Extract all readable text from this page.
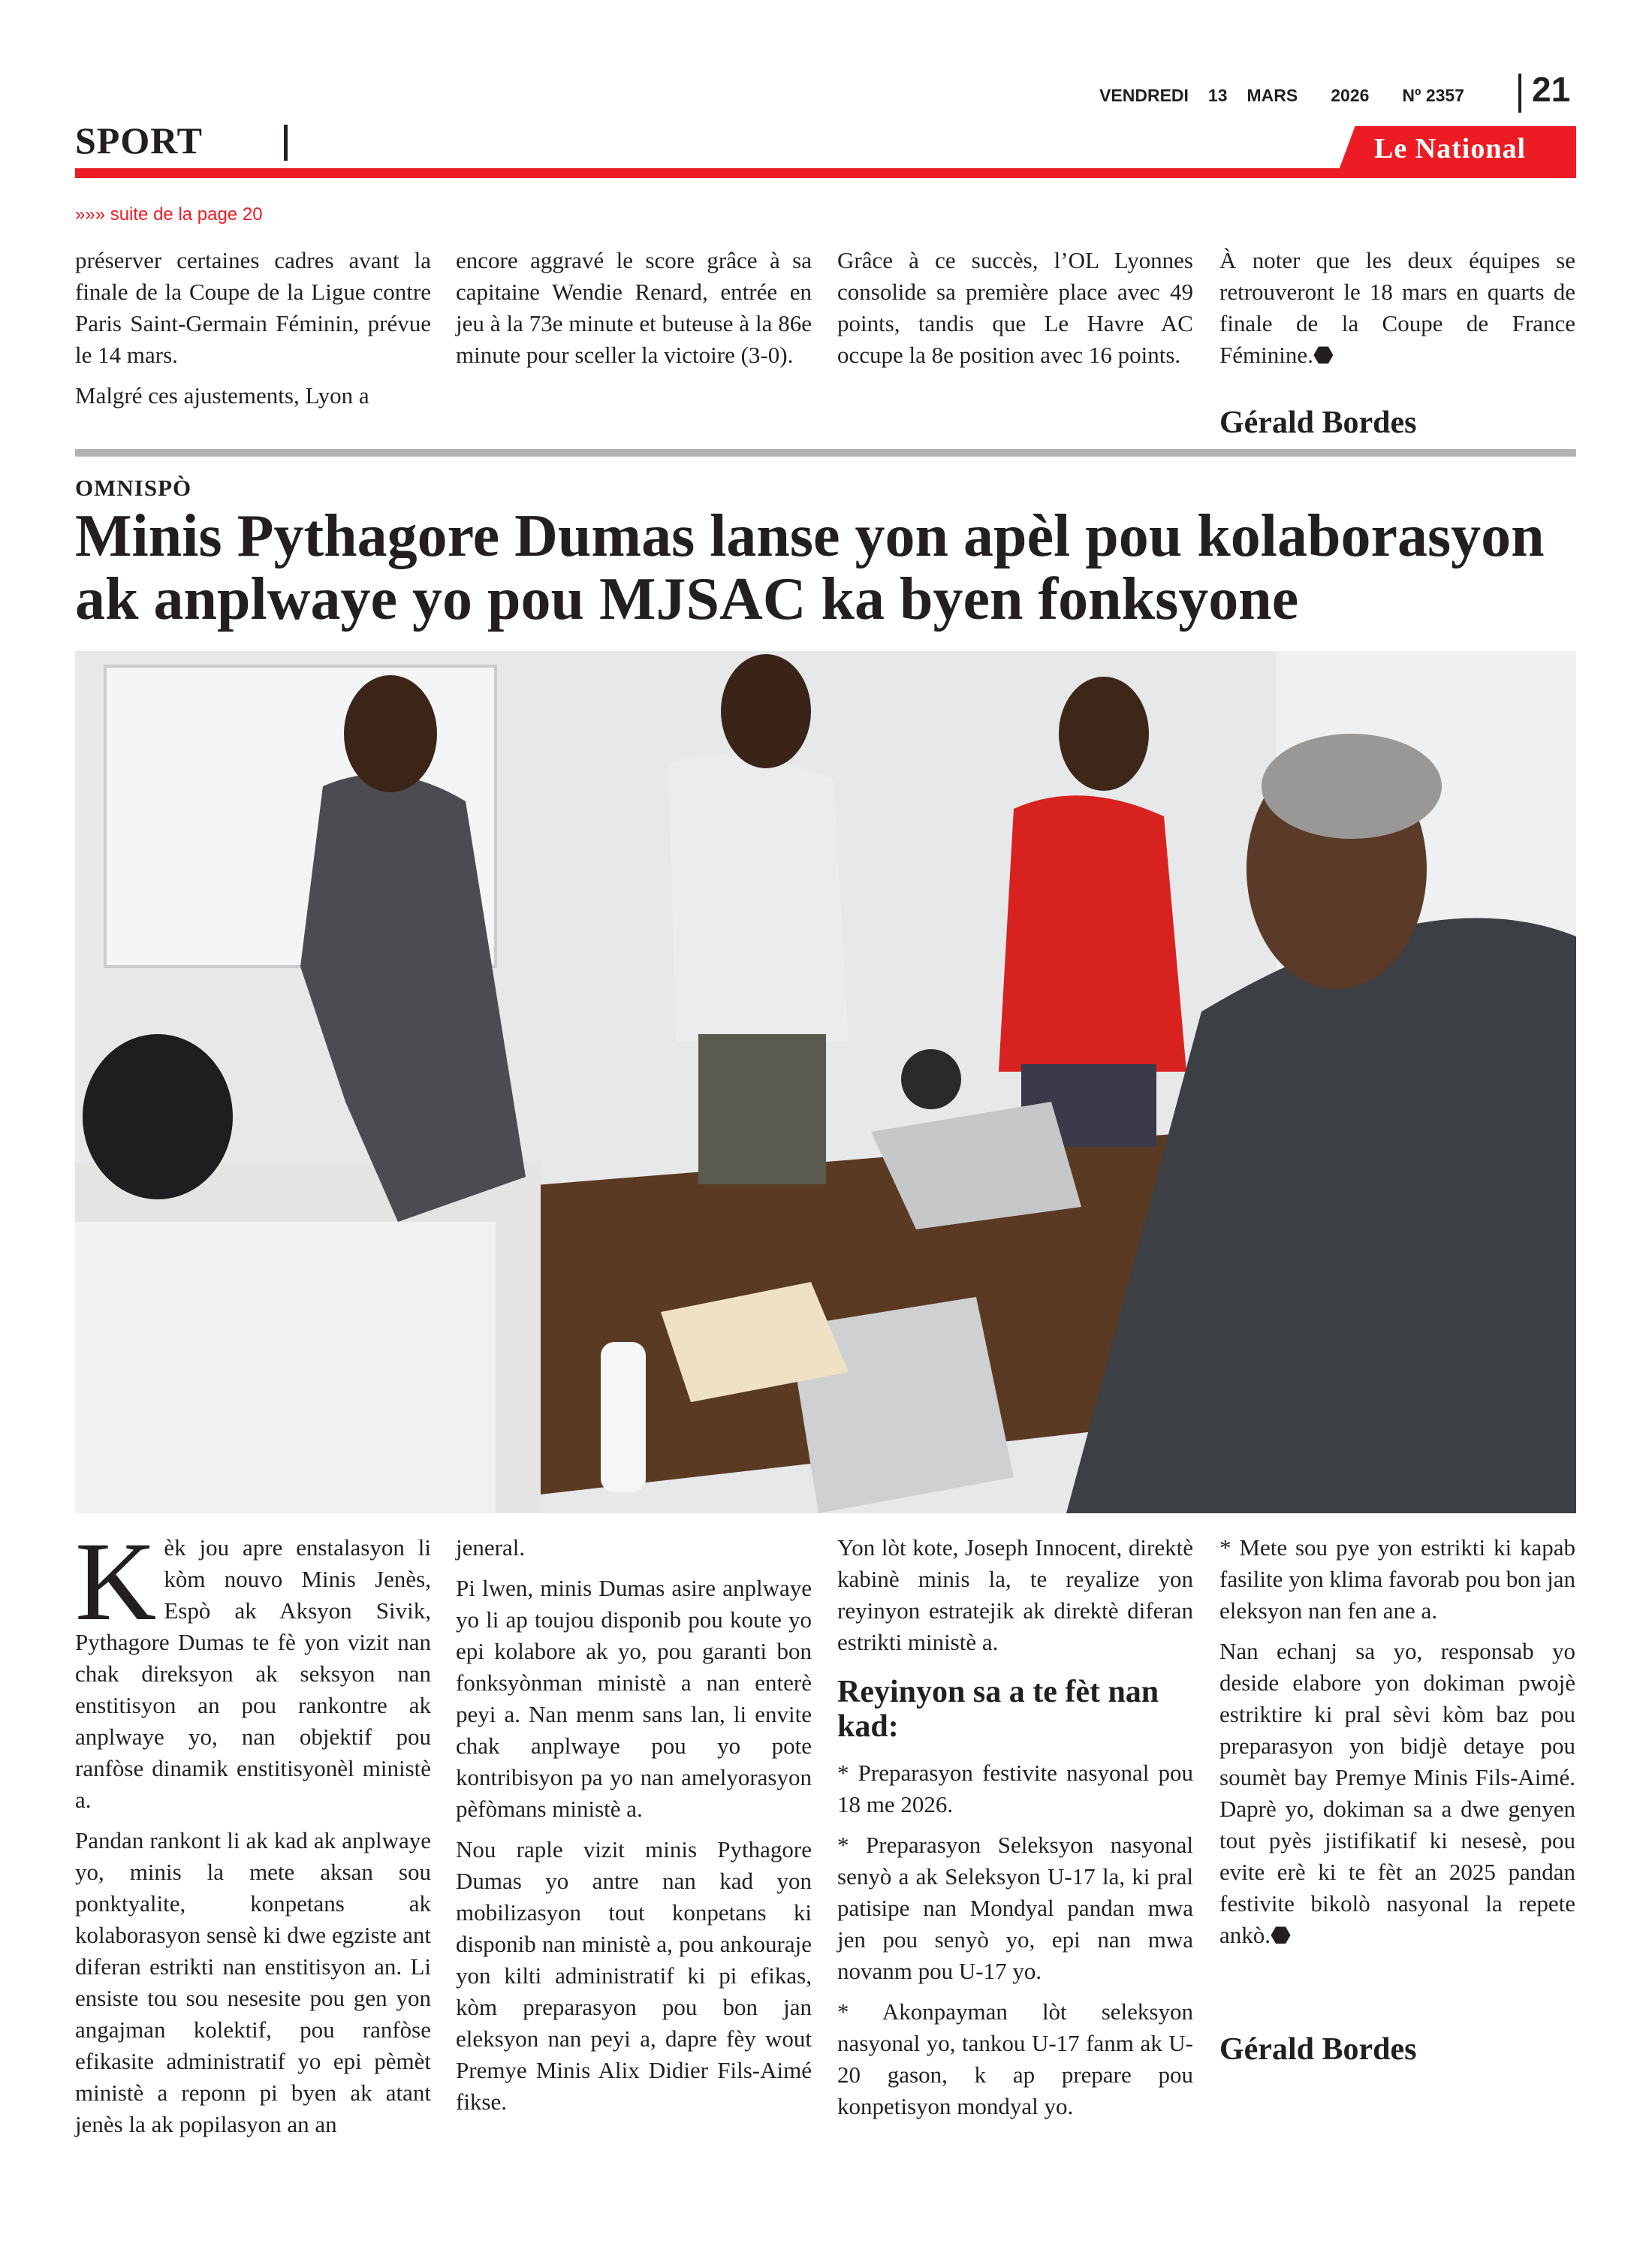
VENDREDI 13 MARS 2026 Nº 2357 21
SPORT	Le National
»»» suite de la page 20

préserver certaines cadres avant la finale de la Coupe de la Ligue contre Paris Saint-Germain Féminin, prévue le 14 mars.

Malgré ces ajustements, Lyon a

encore aggravé le score grâce à sa capitaine Wendie Renard, entrée en jeu à la 73e minute et buteuse à la 86e minute pour sceller la victoire (3-0).

Grâce à ce succès, l’OL Lyonnes consolide sa première place avec 49 points, tandis que Le Havre AC occupe la 8e position avec 16 points.

À noter que les deux équipes se retrouveront le 18 mars en quarts de finale de la Coupe de France Féminine.

⬣
Gérald Bordes
OMNISPÒ
Minis Pythagore Dumas lanse yon apèl pou kolaborasyon ak anplwaye yo pou MJSAC ka byen fonksyone

Kèk jou apre enstalasyon li kòm nouvo Minis Jenès, Espò ak Aksyon Sivik, Pythagore Dumas te fè yon vizit nan chak direksyon ak seksyon nan enstitisyon an pou rankontre ak anplwaye yo, nan objektif pou ranfòse dinamik enstitisyonèl ministè a.

Pandan rankont li ak kad ak anplwaye yo, minis la mete aksan sou ponktyalite, konpetans ak kolaborasyon sensè ki dwe egziste ant diferan estrikti nan enstitisyon an. Li ensiste tou sou nesesite pou gen yon angajman kolektif, pou ranfòse efikasite administratif yo epi pèmèt ministè a reponn pi byen ak atant jenès la ak popilasyon an an

jeneral.

Pi lwen, minis Dumas asire anplwaye yo li ap toujou disponib pou koute yo epi kolabore ak yo, pou garanti bon fonksyònman ministè a nan enterè peyi a. Nan menm sans lan, li envite chak anplwaye pou yo pote kontribisyon pa yo nan amelyorasyon pèfòmans ministè a.

Nou raple vizit minis Pythagore Dumas yo antre nan kad yon mobilizasyon tout konpetans ki disponib nan ministè a, pou ankouraje yon kilti administratif ki pi efikas, kòm preparasyon pou bon jan eleksyon nan peyi a, dapre fèy wout Premye Minis Alix Didier Fils-Aimé fikse.

Yon lòt kote, Joseph Innocent, direktè kabinè minis la, te reyalize yon reyinyon estratejik ak direktè diferan estrikti ministè a.

Reyinyon sa a te fèt nan kad:

* Preparasyon festivite nasyonal pou 18 me 2026.

* Preparasyon Seleksyon nasyonal senyò a ak Seleksyon U-17 la, ki pral patisipe nan Mondyal pandan mwa jen pou senyò yo, epi nan mwa novanm pou U-17 yo.

* Akonpayman lòt seleksyon nasyonal yo, tankou U-17 fanm ak U-20 gason, k ap prepare pou konpetisyon mondyal yo.

* Mete sou pye yon estrikti ki kapab fasilite yon klima favorab pou bon jan eleksyon nan fen ane a.

Nan echanj sa yo, responsab yo deside elabore yon dokiman pwojè estriktire ki pral sèvi kòm baz pou preparasyon yon bidjè detaye pou soumèt bay Premye Minis Fils-Aimé. Daprè yo, dokiman sa a dwe genyen tout pyès jistifikatif ki nesesè, pou evite erè ki te fèt an 2025 pandan festivite bikolò nasyonal la repete ankò.

⬣
Gérald Bordes
